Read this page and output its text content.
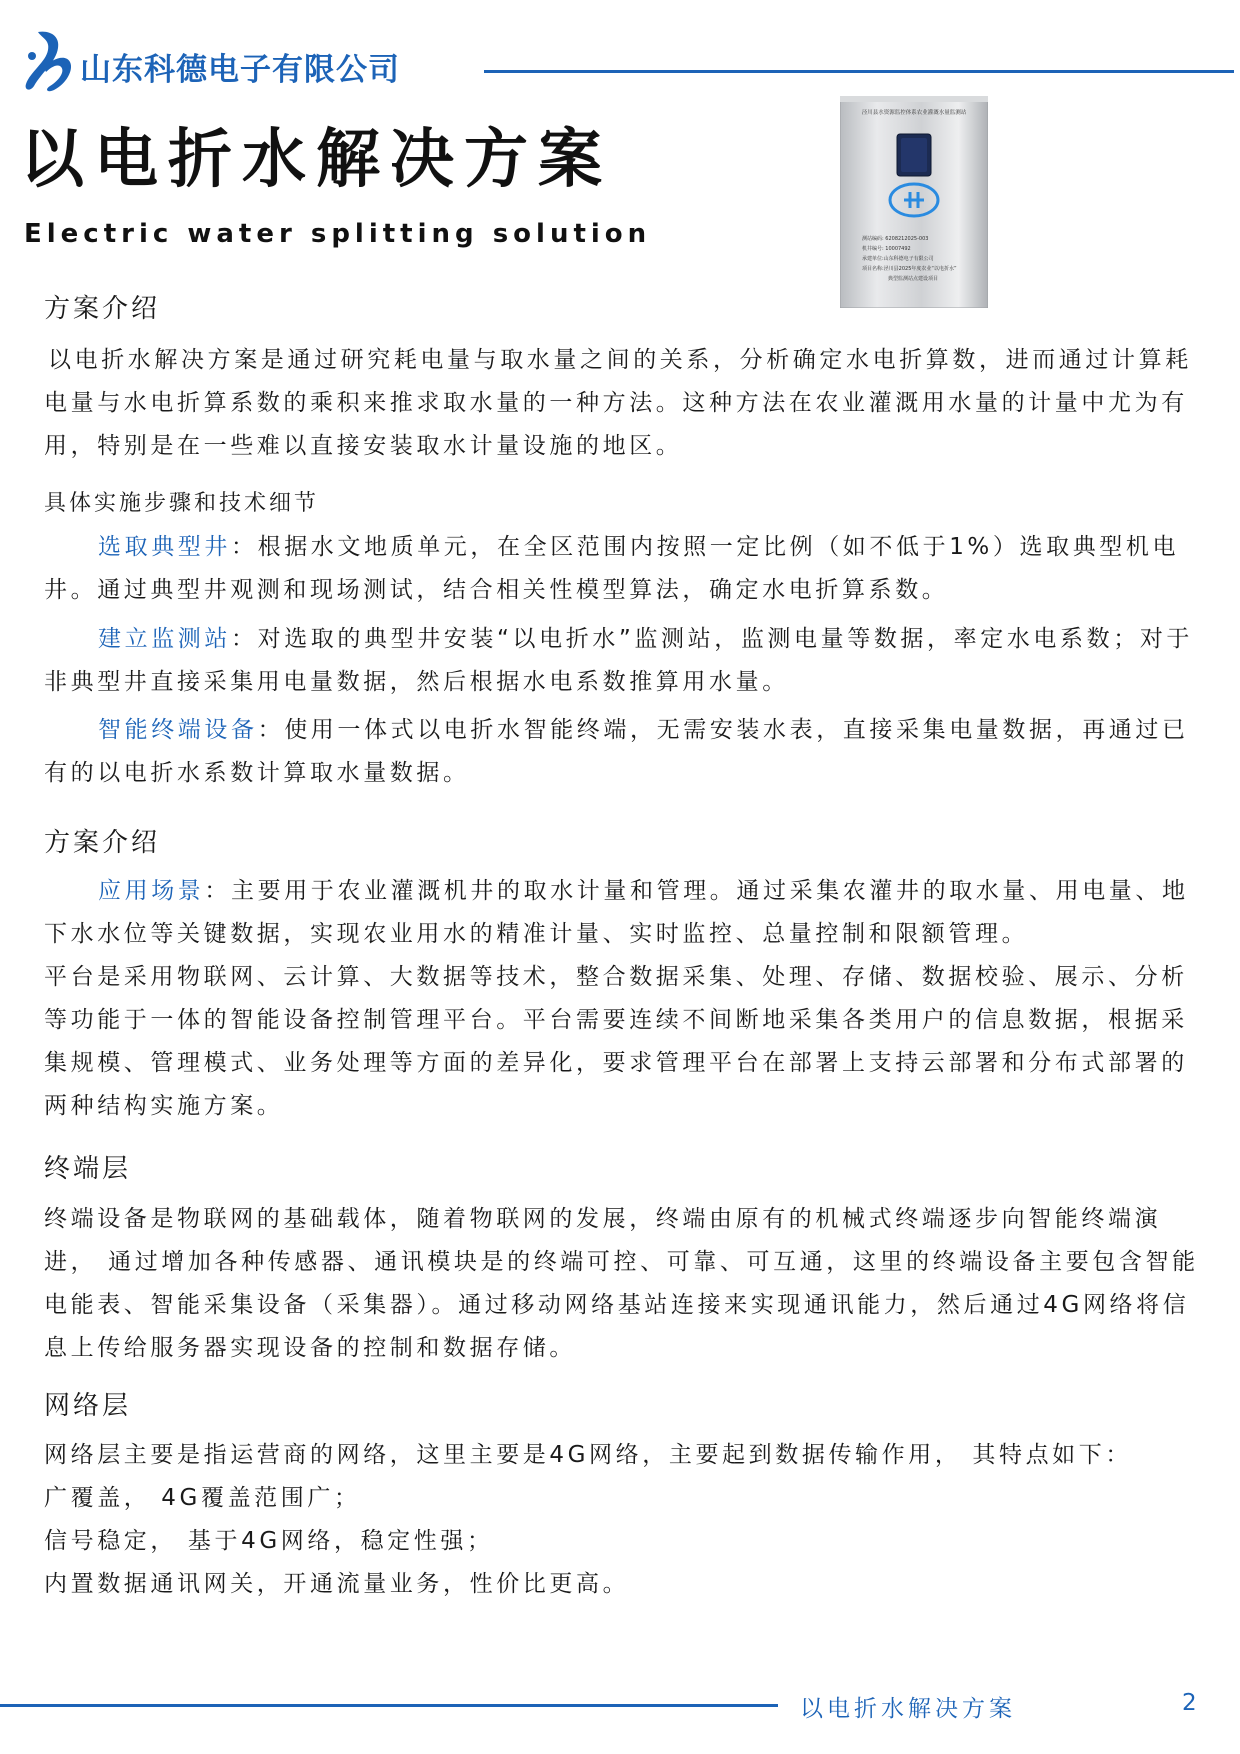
山东科德电子有限公司
以电折水解决方案
Electric water splitting solution
泾川县水资源监控体系农业灌溉水量监测站
测站编码: 6208212025-003
机井编号: 10007492
承建单位:山东科德电子有限公司
项目名称:泾川县2025年度农业“以电折水”
典型监测站点建设项目
方案介绍

以电折水解决方案是通过研究耗电量与取水量之间的关系，分析确定水电折算数，进而通过计算耗电量与水电折算系数的乘积来推求取水量的一种方法。这种方法在农业灌溉用水量的计量中尤为有用，特别是在一些难以直接安装取水计量设施的地区。

具体实施步骤和技术细节

选取典型井：根据水文地质单元，在全区范围内按照一定比例（如不低于1%）选取典型机电井。通过典型井观测和现场测试，结合相关性模型算法，确定水电折算系数。

建立监测站：对选取的典型井安装“以电折水”监测站，监测电量等数据，率定水电系数；对于非典型井直接采集用电量数据，然后根据水电系数推算用水量。

智能终端设备：使用一体式以电折水智能终端，无需安装水表，直接采集电量数据，再通过已有的以电折水系数计算取水量数据。

方案介绍

应用场景：主要用于农业灌溉机井的取水计量和管理。通过采集农灌井的取水量、用电量、地下水水位等关键数据，实现农业用水的精准计量、实时监控、总量控制和限额管理。

平台是采用物联网、云计算、大数据等技术，整合数据采集、处理、存储、数据校验、展示、分析等功能于一体的智能设备控制管理平台。平台需要连续不间断地采集各类用户的信息数据，根据采集规模、管理模式、业务处理等方面的差异化，要求管理平台在部署上支持云部署和分布式部署的两种结构实施方案。

终端层

终端设备是物联网的基础载体，随着物联网的发展，终端由原有的机械式终端逐步向智能终端演进， 通过增加各种传感器、通讯模块是的终端可控、可靠、可互通，这里的终端设备主要包含智能电能表、智能采集设备（采集器）。通过移动网络基站连接来实现通讯能力，然后通过4G网络将信息上传给服务器实现设备的控制和数据存储。

网络层
网络层主要是指运营商的网络，这里主要是4G网络，主要起到数据传输作用， 其特点如下：
广覆盖， 4G覆盖范围广；
信号稳定， 基于4G网络，稳定性强；
内置数据通讯网关，开通流量业务，性价比更高。
以电折水解决方案	2
